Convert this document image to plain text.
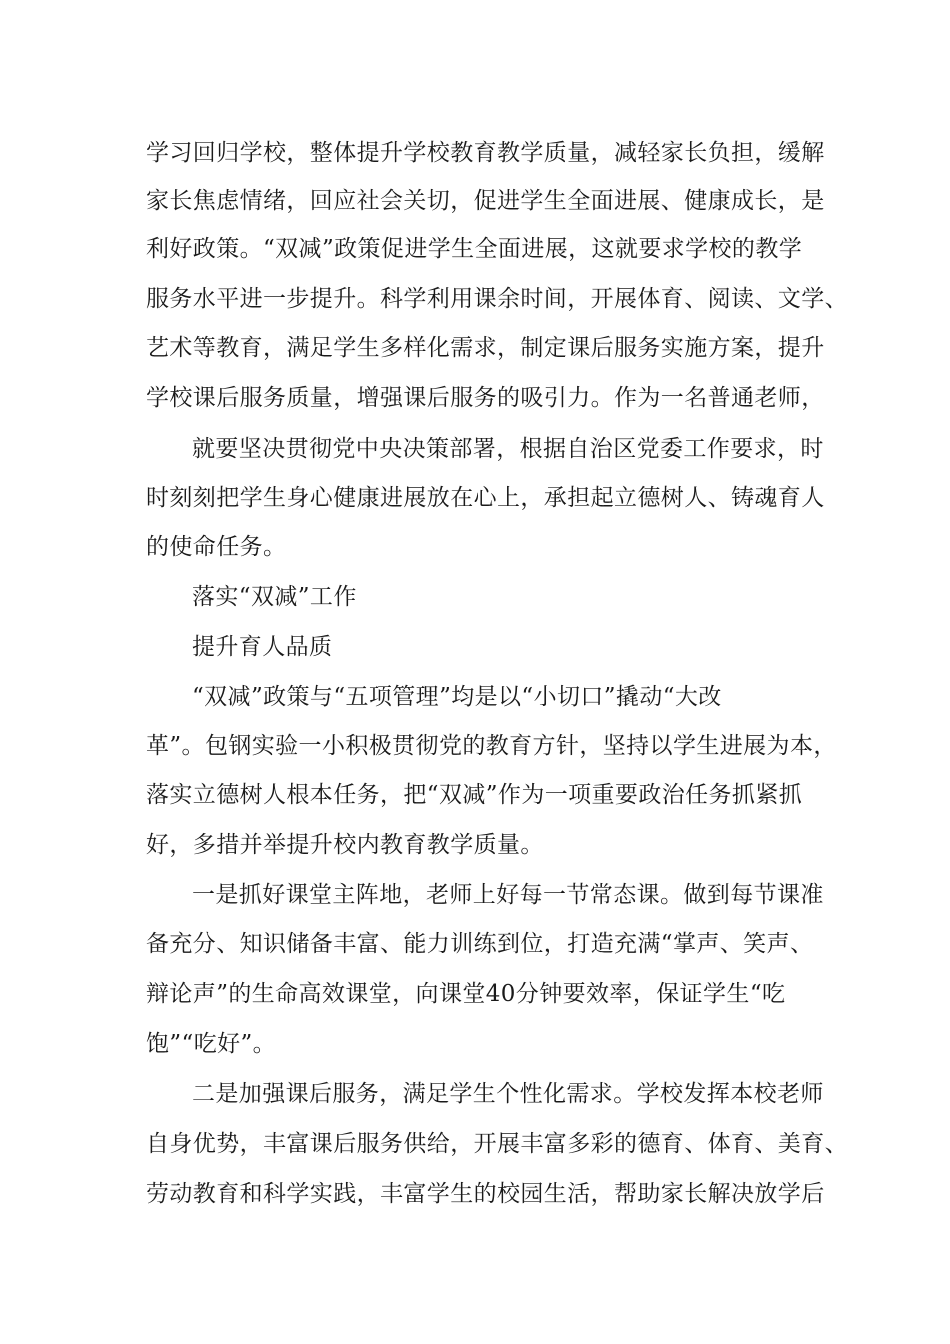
学习回归学校，整体提升学校教育教学质量，减轻家长负担，缓解
家长焦虑情绪，回应社会关切，促进学生全面进展、健康成长，是
利好政策。“双减”政策促进学生全面进展，这就要求学校的教学
服务水平进一步提升。科学利用课余时间，开展体育、阅读、文学、
艺术等教育，满足学生多样化需求，制定课后服务实施方案，提升
学校课后服务质量，增强课后服务的吸引力。作为一名普通老师，
就要坚决贯彻党中央决策部署，根据自治区党委工作要求，时
时刻刻把学生身心健康进展放在心上，承担起立德树人、铸魂育人
的使命任务。
落实“双减”工作
提升育人品质
“双减”政策与“五项管理”均是以“小切口”撬动“大改
革”。包钢实验一小积极贯彻党的教育方针，坚持以学生进展为本，
落实立德树人根本任务，把“双减”作为一项重要政治任务抓紧抓
好，多措并举提升校内教育教学质量。
一是抓好课堂主阵地，老师上好每一节常态课。做到每节课准
备充分、知识储备丰富、能力训练到位，打造充满“掌声、笑声、
辩论声”的生命高效课堂，向课堂40分钟要效率，保证学生“吃
饱”“吃好”。
二是加强课后服务，满足学生个性化需求。学校发挥本校老师
自身优势，丰富课后服务供给，开展丰富多彩的德育、体育、美育、
劳动教育和科学实践，丰富学生的校园生活，帮助家长解决放学后
